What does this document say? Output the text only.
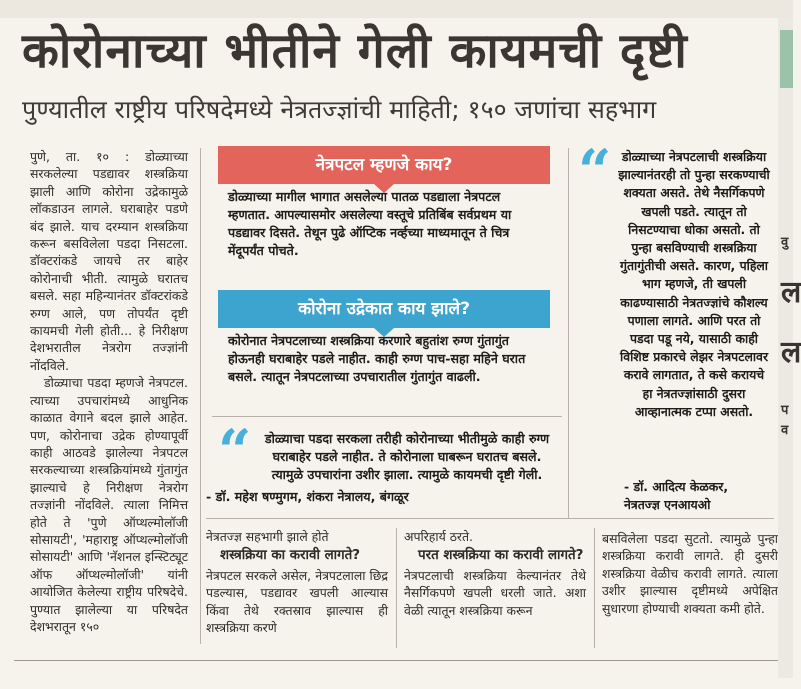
कोरोनाच्या भीतीने गेली कायमची दृष्टी
पुण्यातील राष्ट्रीय परिषदेमध्ये नेत्रतज्ज्ञांची माहिती; १५० जणांचा सहभाग

पुणे, ता. १० : डोळ्याच्या सरकलेल्या पडद्यावर शस्त्रक्रिया झाली आणि कोरोना उद्रेकामुळे लॉकडाउन लागले. घराबाहेर पडणे बंद झाले. याच दरम्यान शस्त्रक्रिया करून बसविलेला पडदा निसटला. डॉक्टरांकडे जायचे तर बाहेर कोरोनाची भीती. त्यामुळे घरातच बसले. सहा महिन्यानंतर डॉक्टरांकडे रुग्ण आले, पण तोपर्यंत दृष्टी कायमची गेली होती... हे निरीक्षण देशभरातील नेत्ररोग तज्ज्ञांनी नोंदविले.

डोळ्याचा पडदा म्हणजे नेत्रपटल. त्याच्या उपचारांमध्ये आधुनिक काळात वेगाने बदल झाले आहेत. पण, कोरोनाचा उद्रेक होण्यापूर्वी काही आठवडे झालेल्या नेत्रपटल सरकल्याच्या शस्त्रक्रियांमध्ये गुंतागुंत झाल्याचे हे निरीक्षण नेत्ररोग तज्ज्ञांनी नोंदविले. त्याला निमित्त होते ते 'पुणे ऑप्थल्मोलॉजी सोसायटी', 'महाराष्ट्र ऑप्थल्मोलॉजी सोसायटी' आणि 'नॅशनल इन्स्टिट्यूट ऑफ ऑप्थल्मोलॉजी' यांनी आयोजित केलेल्या राष्ट्रीय परिषदेचे. पुण्यात झालेल्या या परिषदेत देशभरातून १५०

नेत्रपटल म्हणजे काय?
डोळ्याच्या मागील भागात असलेल्या पातळ पडद्याला नेत्रपटल म्हणतात. आपल्यासमोर असलेल्या वस्तूचे प्रतिबिंब सर्वप्रथम या पडद्यावर दिसते. तेथून पुढे ऑप्टिक नर्व्हच्या माध्यमातून ते चित्र मेंदूपर्यंत पोचते.
कोरोना उद्रेकात काय झाले?
कोरोनात नेत्रपटलाच्या शस्त्रक्रिया करणारे बहुतांश रुग्ण गुंतागुंत होऊनही घराबाहेर पडले नाहीत. काही रुग्ण पाच-सहा महिने घरात बसले. त्यातून नेत्रपटलाच्या उपचारातील गुंतागुंत वाढली.
“ डोळ्याचा पडदा सरकला तरीही कोरोनाच्या भीतीमुळे काही रुग्ण घराबाहेर पडले नाहीत. ते कोरोनाला घाबरून घरातच बसले. त्यामुळे उपचारांना उशीर झाला. त्यामुळे कायमची दृष्टी गेली.
- डॉ. महेश षण्मुगम, शंकरा नेत्रालय, बंगळूर
“ डोळ्याच्या नेत्रपटलाची शस्त्रक्रिया झाल्यानंतरही तो पुन्हा सरकण्याची शक्यता असते. तेथे नैसर्गिकपणे खपली पडते. त्यातून तो निसटण्याचा धोका असतो. तो पुन्हा बसविण्याची शस्त्रक्रिया गुंतागुंतीची असते. कारण, पहिला भाग म्हणजे, ती खपली काढण्यासाठी नेत्रतज्ज्ञांचे कौशल्य पणाला लागते. आणि परत तो पडदा पडू नये, यासाठी काही विशिष्ट प्रकारचे लेझर नेत्रपटलावर करावे लागतात, ते कसे करायचे हा नेत्रतज्ज्ञांसाठी दुसरा आव्हानात्मक टप्पा असतो.
- डॉ. आदित्य केळकर,
नेत्रतज्ज्ञ एनआयओ
नेत्रतज्ज्ञ सहभागी झाले होते
शस्त्रक्रिया का करावी लागते?
नेत्रपटल सरकले असेल, नेत्रपटलाला छिद्र पडल्यास, पडद्यावर खपली आल्यास किंवा तेथे रक्तस्राव झाल्यास ही शस्त्रक्रिया करणे
अपरिहार्य ठरते.
परत शस्त्रक्रिया का करावी लागते?
नेत्रपटलाची शस्त्रक्रिया केल्यानंतर तेथे नैसर्गिकपणे खपली धरली जाते. अशा वेळी त्यातून शस्त्रक्रिया करून
बसविलेला पडदा सुटतो. त्यामुळे पुन्हा शस्त्रक्रिया करावी लागते. ही दुसरी शस्त्रक्रिया वेळीच करावी लागते. त्याला उशीर झाल्यास दृष्टीमध्ये अपेक्षित सुधारणा होण्याची शक्यता कमी होते.
वु
ल
ल
प
व
